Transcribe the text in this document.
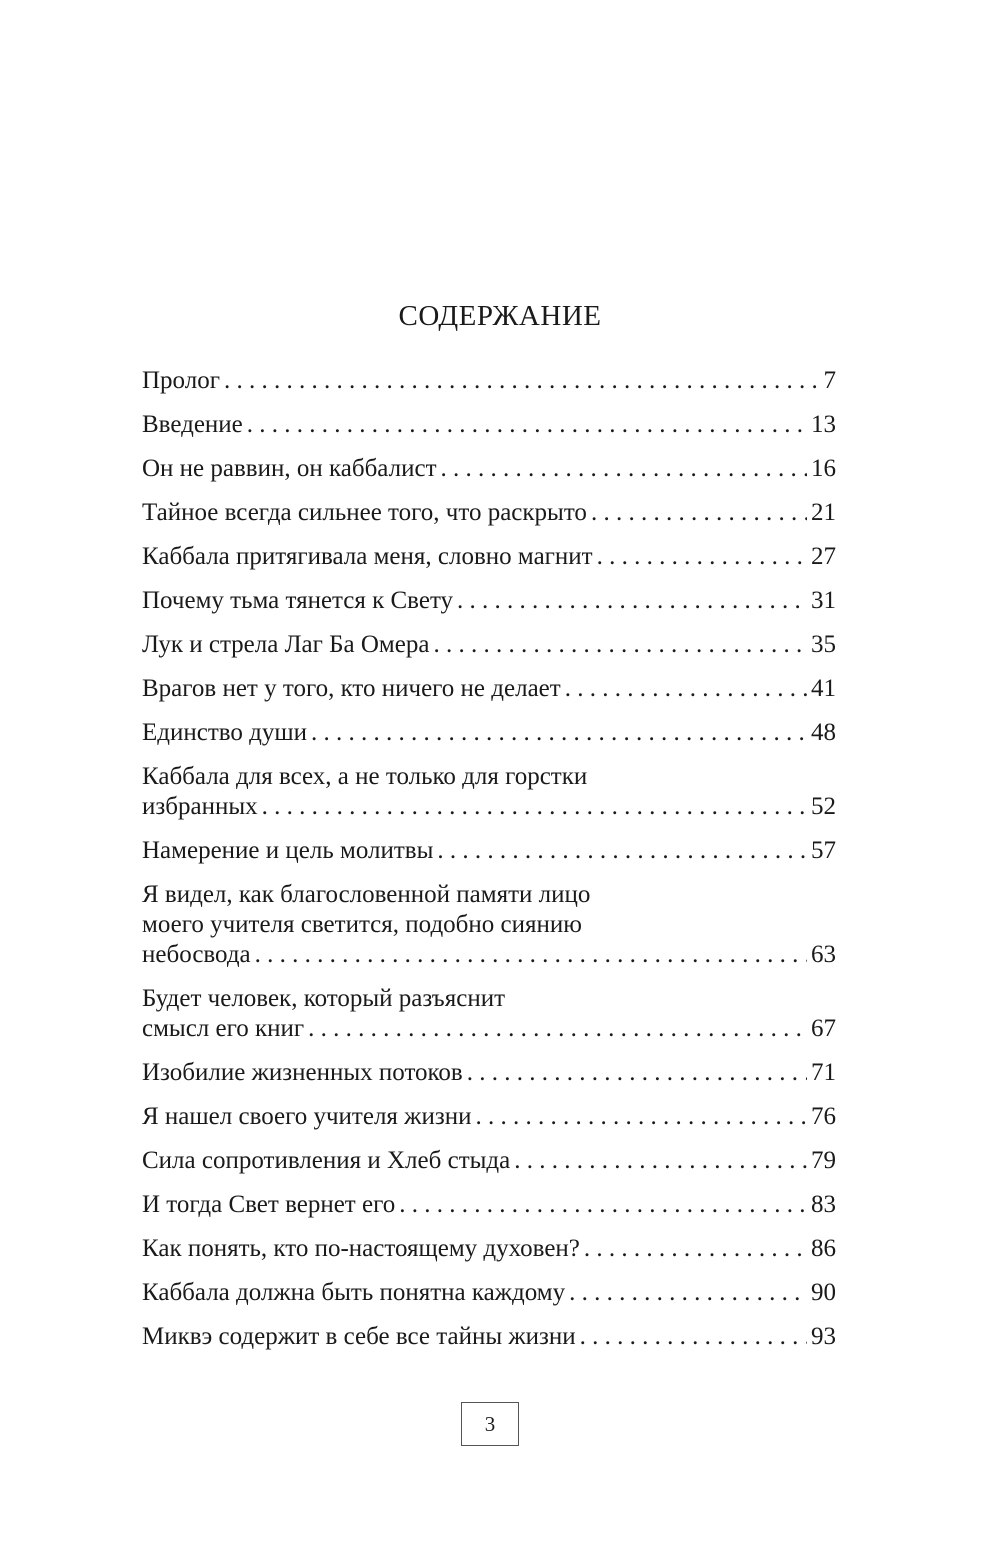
СОДЕРЖАНИЕ
Пролог . . .	7
Введение . . .	13
Он не раввин, он каббалист . . .	16
Тайное всегда сильнее того, что раскрыто . . .	21
Каббала притягивала меня, словно магнит . . .	27
Почему тьма тянется к Свету . . .	31
Лук и стрела Лаг Ба Омера . . .	35
Врагов нет у того, кто ничего не делает . . .	41
Единство души . . .	48
Каббала для всех, а не только для горстки
избранных . . .	52
Намерение и цель молитвы . . .	57
Я видел, как благословенной памяти лицо
моего учителя светится, подобно сиянию
небосвода . . .	63
Будет человек, который разъяснит
смысл его книг . . .	67
Изобилие жизненных потоков . . .	71
Я нашел своего учителя жизни . . .	76
Сила сопротивления и Хлеб стыда . . .	79
И тогда Свет вернет его . . .	83
Как понять, кто по-настоящему духовен? . . .	86
Каббала должна быть понятна каждому . . .	90
Миквэ содержит в себе все тайны жизни . . .	93
3
